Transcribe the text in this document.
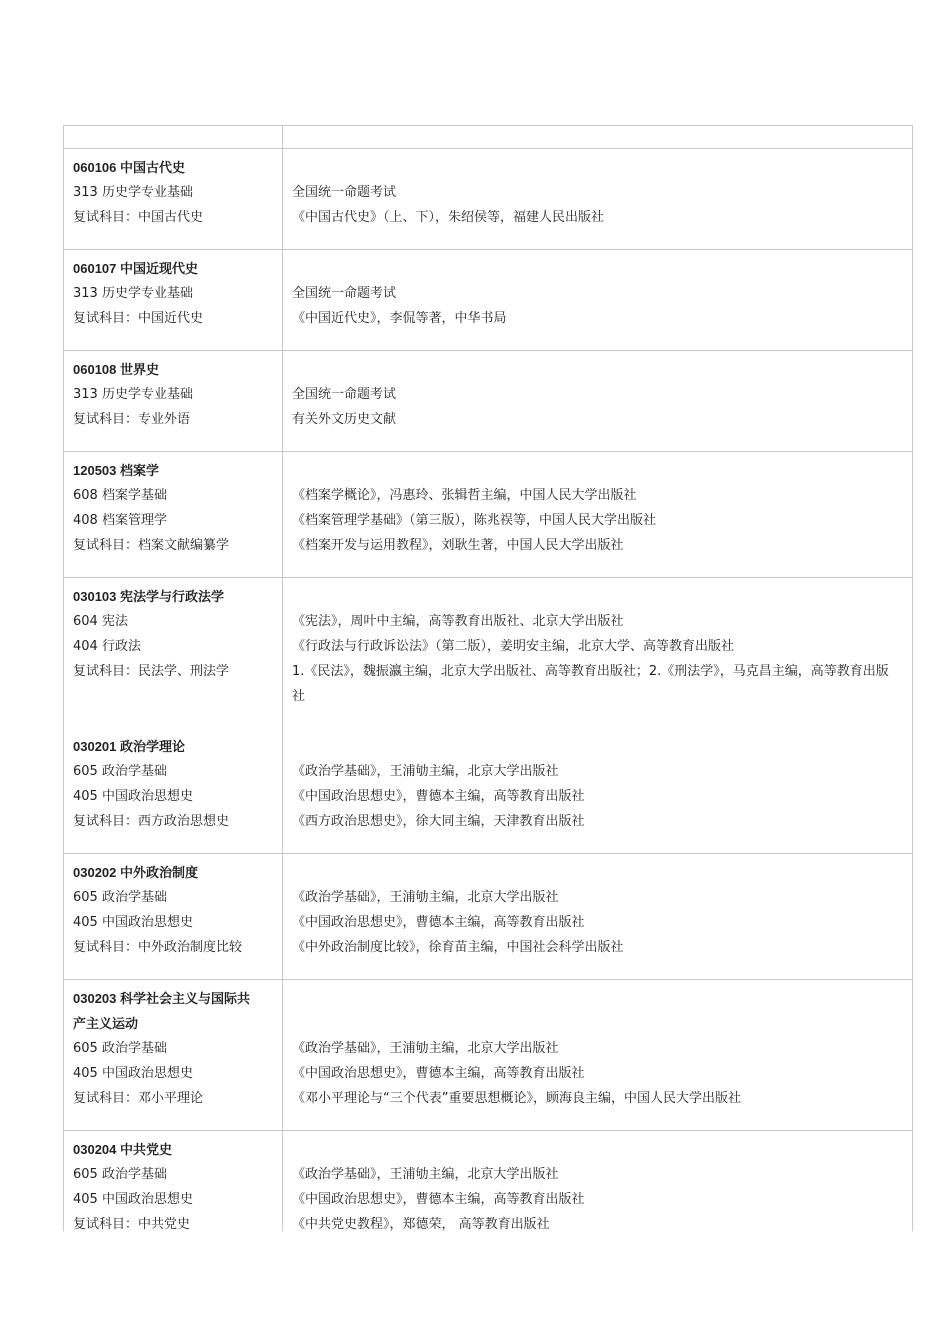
060106 中国古代史
313 历史学专业基础
复试科目：中国古代史
全国统一命题考试
《中国古代史》（上、下），朱绍侯等，福建人民出版社
060107 中国近现代史
313 历史学专业基础
复试科目：中国近代史
全国统一命题考试
《中国近代史》，李侃等著，中华书局
060108 世界史
313 历史学专业基础
复试科目：专业外语
全国统一命题考试
有关外文历史文献
120503 档案学
608 档案学基础
408 档案管理学
复试科目：档案文献编纂学
《档案学概论》，冯惠玲、张辑哲主编，中国人民大学出版社
《档案管理学基础》（第三版），陈兆祦等，中国人民大学出版社
《档案开发与运用教程》，刘耿生著，中国人民大学出版社
030103 宪法学与行政法学
604 宪法
404 行政法
复试科目：民法学、刑法学
030201 政治学理论
605 政治学基础
405 中国政治思想史
复试科目：西方政治思想史
《宪法》，周叶中主编，高等教育出版社、北京大学出版社
《行政法与行政诉讼法》（第二版），姜明安主编，北京大学、高等教育出版社
1.《民法》，魏振瀛主编，北京大学出版社、高等教育出版社；2.《刑法学》，马克昌主编，高等教育出版社
《政治学基础》，王浦劬主编，北京大学出版社
《中国政治思想史》，曹德本主编，高等教育出版社
《西方政治思想史》，徐大同主编，天津教育出版社
030202 中外政治制度
605 政治学基础
405 中国政治思想史
复试科目：中外政治制度比较
《政治学基础》，王浦劬主编，北京大学出版社
《中国政治思想史》，曹德本主编，高等教育出版社
《中外政治制度比较》，徐育苗主编，中国社会科学出版社
030203 科学社会主义与国际共
产主义运动
605 政治学基础
405 中国政治思想史
复试科目：邓小平理论
《政治学基础》，王浦劬主编，北京大学出版社
《中国政治思想史》，曹德本主编，高等教育出版社
《邓小平理论与“三个代表”重要思想概论》，顾海良主编，中国人民大学出版社
030204 中共党史
605 政治学基础
405 中国政治思想史
复试科目：中共党史
《政治学基础》，王浦劬主编，北京大学出版社
《中国政治思想史》，曹德本主编，高等教育出版社
《中共党史教程》，郑德荣， 高等教育出版社
